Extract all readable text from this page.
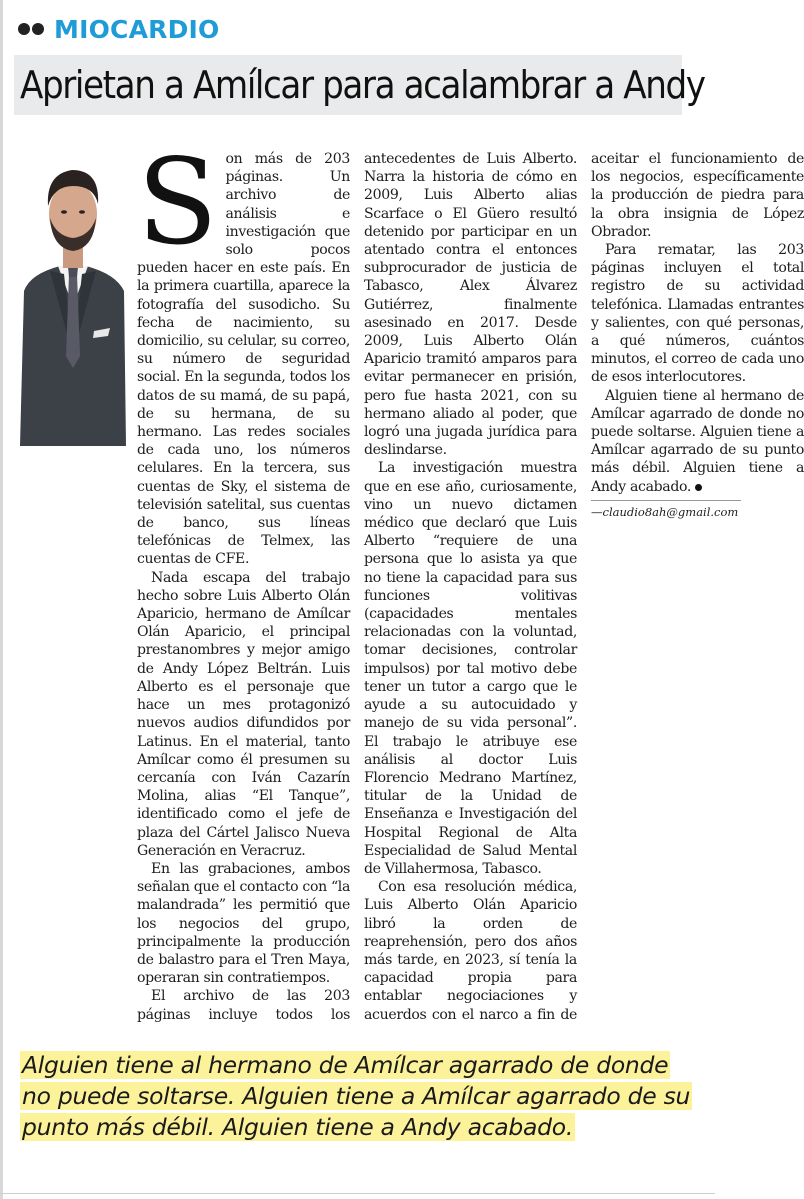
MIOCARDIO
Aprietan a Amílcar para acalambrar a Andy

Son más de 203 páginas. Un archivo de análisis e investigación que solo pocos pueden hacer en este país. En la primera cuartilla, aparece la fotografía del susodicho. Su fecha de nacimiento, su domicilio, su celular, su correo, su número de seguridad social. En la segunda, todos los datos de su mamá, de su papá, de su hermana, de su hermano. Las redes sociales de cada uno, los números celulares. En la tercera, sus cuentas de Sky, el sistema de televisión satelital, sus cuentas de banco, sus líneas telefónicas de Telmex, las cuentas de CFE.

Nada escapa del trabajo hecho sobre Luis Alberto Olán Aparicio, hermano de Amílcar Olán Aparicio, el principal prestanombres y mejor amigo de Andy López Beltrán. Luis Alberto es el personaje que hace un mes protagonizó nuevos audios difundidos por Latinus. En el material, tanto Amílcar como él presumen su cercanía con Iván Cazarín Molina, alias “El Tanque”, identificado como el jefe de plaza del Cártel Jalisco Nueva Generación en Veracruz.

En las grabaciones, ambos señalan que el contacto con “la malandrada” les permitió que los negocios del grupo, principalmente la producción de balastro para el Tren Maya, operaran sin contratiempos.

El archivo de las 203 páginas incluye todos los antecedentes de Luis Alberto. Narra la historia de cómo en 2009, Luis Alberto alias Scarface o El Güero resultó detenido por participar en un atentado contra el entonces subprocurador de justicia de Tabasco, Alex Álvarez Gutiérrez, finalmente asesinado en 2017. Desde 2009, Luis Alberto Olán Aparicio tramitó amparos para evitar permanecer en prisión, pero fue hasta 2021, con su hermano aliado al poder, que logró una jugada jurídica para deslindarse.

La investigación muestra que en ese año, curiosamente, vino un nuevo dictamen médico que declaró que Luis Alberto “requiere de una persona que lo asista ya que no tiene la capacidad para sus funciones volitivas (capacidades mentales relacionadas con la voluntad, tomar decisiones, controlar impulsos) por tal motivo debe tener un tutor a cargo que le ayude a su autocuidado y manejo de su vida personal”. El trabajo le atribuye ese análisis al doctor Luis Florencio Medrano Martínez, titular de la Unidad de Enseñanza e Investigación del Hospital Regional de Alta Especialidad de Salud Mental de Villahermosa, Tabasco.

Con esa resolución médica, Luis Alberto Olán Aparicio libró la orden de reaprehensión, pero dos años más tarde, en 2023, sí tenía la capacidad propia para entablar negociaciones y acuerdos con el narco a fin de aceitar el funcionamiento de los negocios, específicamente la producción de piedra para la obra insignia de López Obrador.

Para rematar, las 203 páginas incluyen el total registro de su actividad telefónica. Llamadas entrantes y salientes, con qué personas, a qué números, cuántos minutos, el correo de cada uno de esos interlocutores.

Alguien tiene al hermano de Amílcar agarrado de donde no puede soltarse. Alguien tiene a Amílcar agarrado de su punto más débil. Alguien tiene a Andy acabado.

—claudio8ah@gmail.com
Alguien tiene al hermano de Amílcar agarrado de donde no puede soltarse. Alguien tiene a Amílcar agarrado de su punto más débil. Alguien tiene a Andy acabado.
